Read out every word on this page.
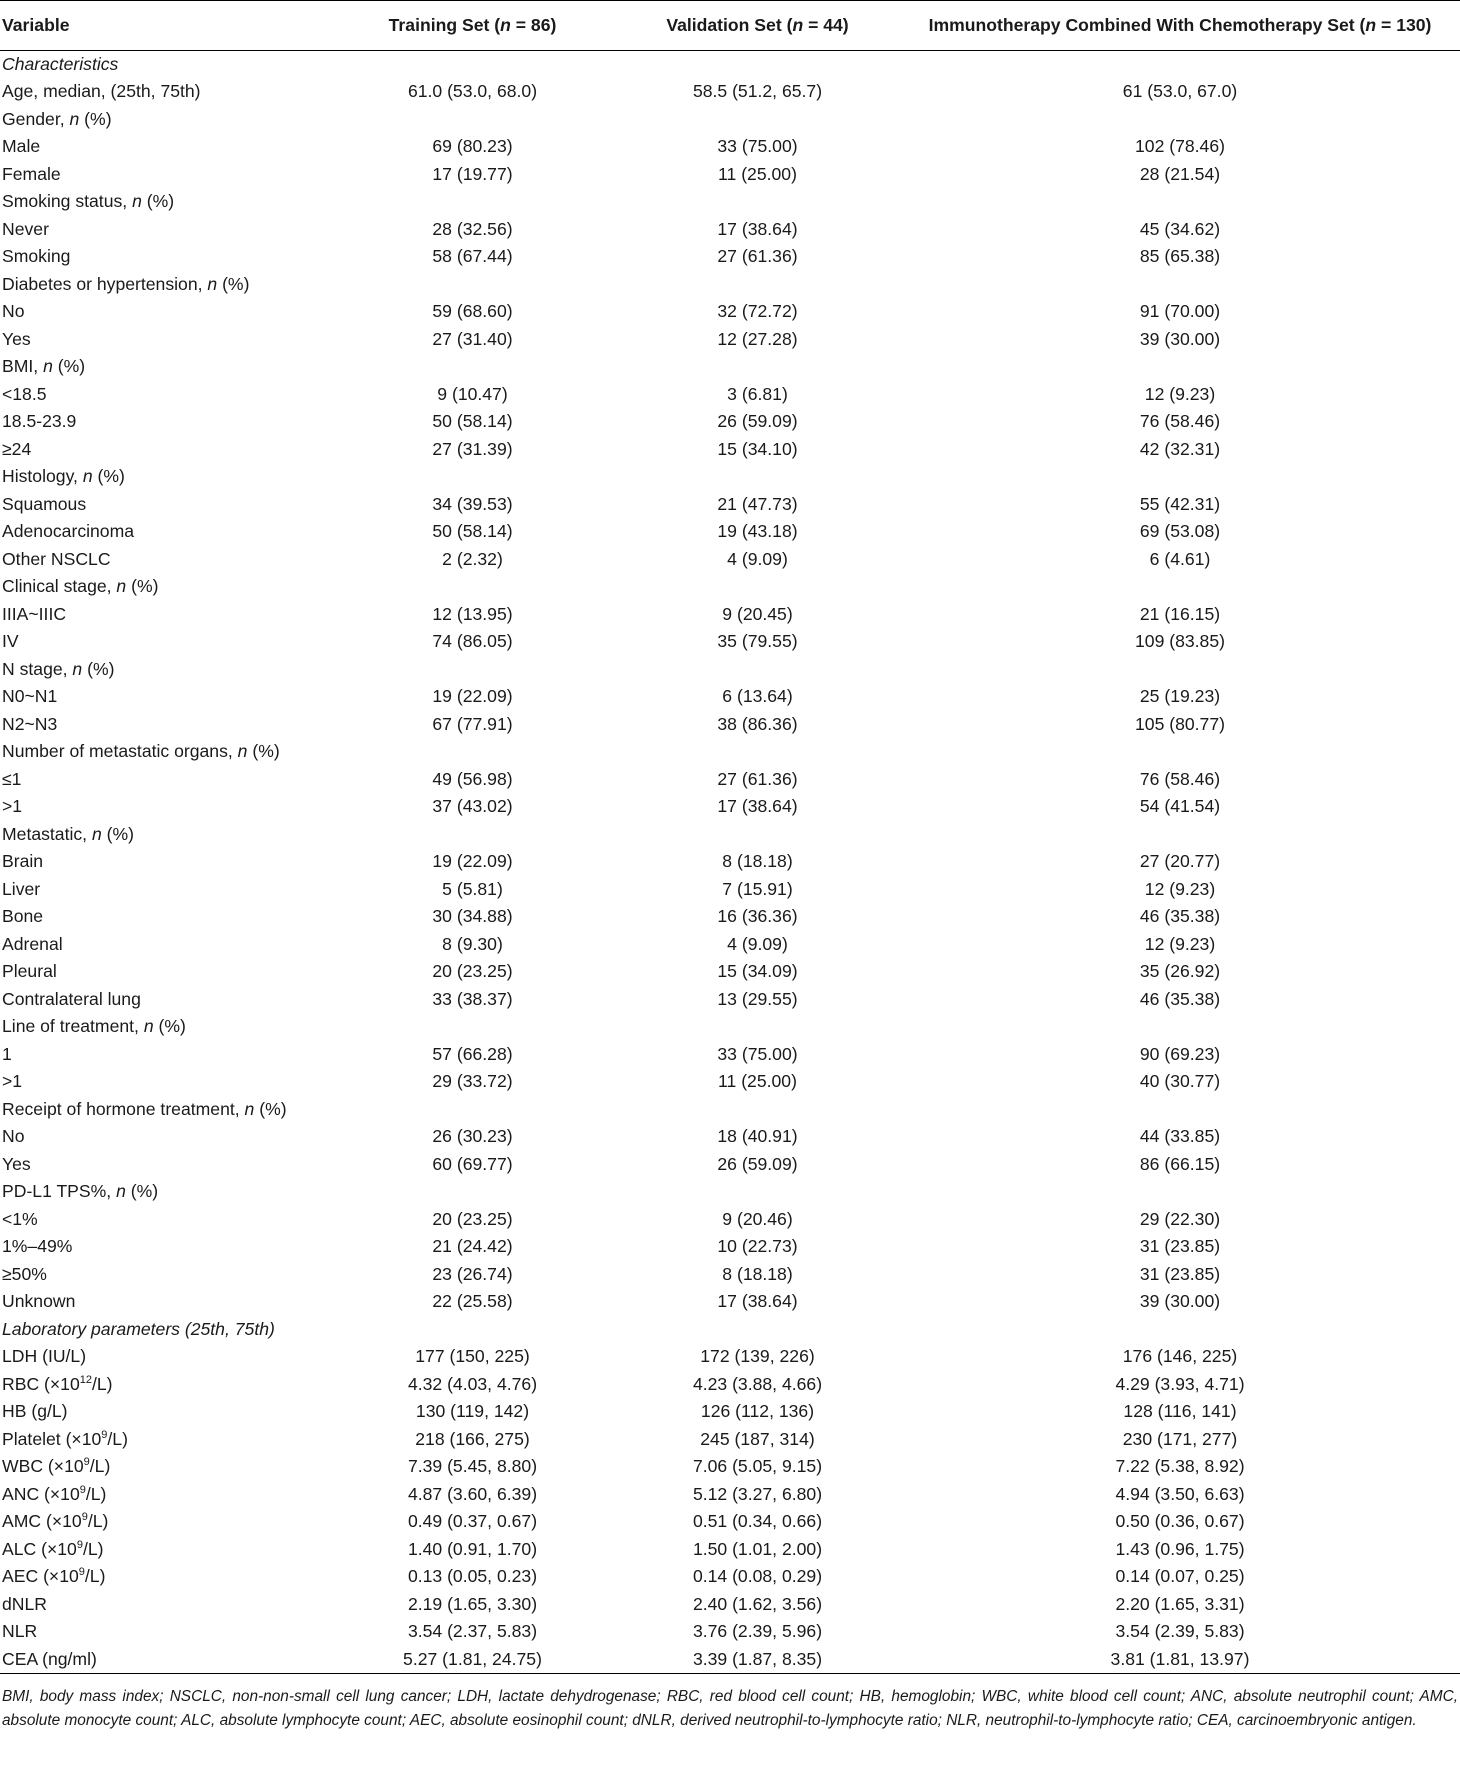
Variable	Training Set (n = 86)	Validation Set (n = 44)	Immunotherapy Combined With Chemotherapy Set (n = 130)
Characteristics			
Age, median, (25th, 75th)	61.0 (53.0, 68.0)	58.5 (51.2, 65.7)	61 (53.0, 67.0)
Gender, n (%)			
Male	69 (80.23)	33 (75.00)	102 (78.46)
Female	17 (19.77)	11 (25.00)	28 (21.54)
Smoking status, n (%)			
Never	28 (32.56)	17 (38.64)	45 (34.62)
Smoking	58 (67.44)	27 (61.36)	85 (65.38)
Diabetes or hypertension, n (%)			
No	59 (68.60)	32 (72.72)	91 (70.00)
Yes	27 (31.40)	12 (27.28)	39 (30.00)
BMI, n (%)			
<18.5	9 (10.47)	3 (6.81)	12 (9.23)
18.5-23.9	50 (58.14)	26 (59.09)	76 (58.46)
≥24	27 (31.39)	15 (34.10)	42 (32.31)
Histology, n (%)			
Squamous	34 (39.53)	21 (47.73)	55 (42.31)
Adenocarcinoma	50 (58.14)	19 (43.18)	69 (53.08)
Other NSCLC	2 (2.32)	4 (9.09)	6 (4.61)
Clinical stage, n (%)			
IIIA~IIIC	12 (13.95)	9 (20.45)	21 (16.15)
IV	74 (86.05)	35 (79.55)	109 (83.85)
N stage, n (%)			
N0~N1	19 (22.09)	6 (13.64)	25 (19.23)
N2~N3	67 (77.91)	38 (86.36)	105 (80.77)
Number of metastatic organs, n (%)			
≤1	49 (56.98)	27 (61.36)	76 (58.46)
>1	37 (43.02)	17 (38.64)	54 (41.54)
Metastatic, n (%)			
Brain	19 (22.09)	8 (18.18)	27 (20.77)
Liver	5 (5.81)	7 (15.91)	12 (9.23)
Bone	30 (34.88)	16 (36.36)	46 (35.38)
Adrenal	8 (9.30)	4 (9.09)	12 (9.23)
Pleural	20 (23.25)	15 (34.09)	35 (26.92)
Contralateral lung	33 (38.37)	13 (29.55)	46 (35.38)
Line of treatment, n (%)			
1	57 (66.28)	33 (75.00)	90 (69.23)
>1	29 (33.72)	11 (25.00)	40 (30.77)
Receipt of hormone treatment, n (%)			
No	26 (30.23)	18 (40.91)	44 (33.85)
Yes	60 (69.77)	26 (59.09)	86 (66.15)
PD-L1 TPS%, n (%)			
<1%	20 (23.25)	9 (20.46)	29 (22.30)
1%–49%	21 (24.42)	10 (22.73)	31 (23.85)
≥50%	23 (26.74)	8 (18.18)	31 (23.85)
Unknown	22 (25.58)	17 (38.64)	39 (30.00)
Laboratory parameters (25th, 75th)			
LDH (IU/L)	177 (150, 225)	172 (139, 226)	176 (146, 225)
RBC $(\times 10^{12}/L)$	4.32 (4.03, 4.76)	4.23 (3.88, 4.66)	4.29 (3.93, 4.71)
HB (g/L)	130 (119, 142)	126 (112, 136)	128 (116, 141)
Platelet $(\times 10^9/L)$	218 (166, 275)	245 (187, 314)	230 (171, 277)
WBC $(\times 10^9/L)$	7.39 (5.45, 8.80)	7.06 (5.05, 9.15)	7.22 (5.38, 8.92)
ANC $(\times 10^9/L)$	4.87 (3.60, 6.39)	5.12 (3.27, 6.80)	4.94 (3.50, 6.63)
AMC $(\times 10^9/L)$	0.49 (0.37, 0.67)	0.51 (0.34, 0.66)	0.50 (0.36, 0.67)
ALC $(\times 10^9/L)$	1.40 (0.91, 1.70)	1.50 (1.01, 2.00)	1.43 (0.96, 1.75)
AEC $(\times 10^9/L)$	0.13 (0.05, 0.23)	0.14 (0.08, 0.29)	0.14 (0.07, 0.25)
dNLR	2.19 (1.65, 3.30)	2.40 (1.62, 3.56)	2.20 (1.65, 3.31)
NLR	3.54 (2.37, 5.83)	3.76 (2.39, 5.96)	3.54 (2.39, 5.83)
CEA (ng/ml)	5.27 (1.81, 24.75)	3.39 (1.87, 8.35)	3.81 (1.81, 13.97)
BMI, body mass index; NSCLC, non-non-small cell lung cancer; LDH, lactate dehydrogenase; RBC, red blood cell count; HB, hemoglobin; WBC, white blood cell count; ANC, absolute neutrophil count; AMC, absolute monocyte count; ALC, absolute lymphocyte count; AEC, absolute eosinophil count; dNLR, derived neutrophil-to-lymphocyte ratio; NLR, neutrophil-to-lymphocyte ratio; CEA, carcinoembryonic antigen.
